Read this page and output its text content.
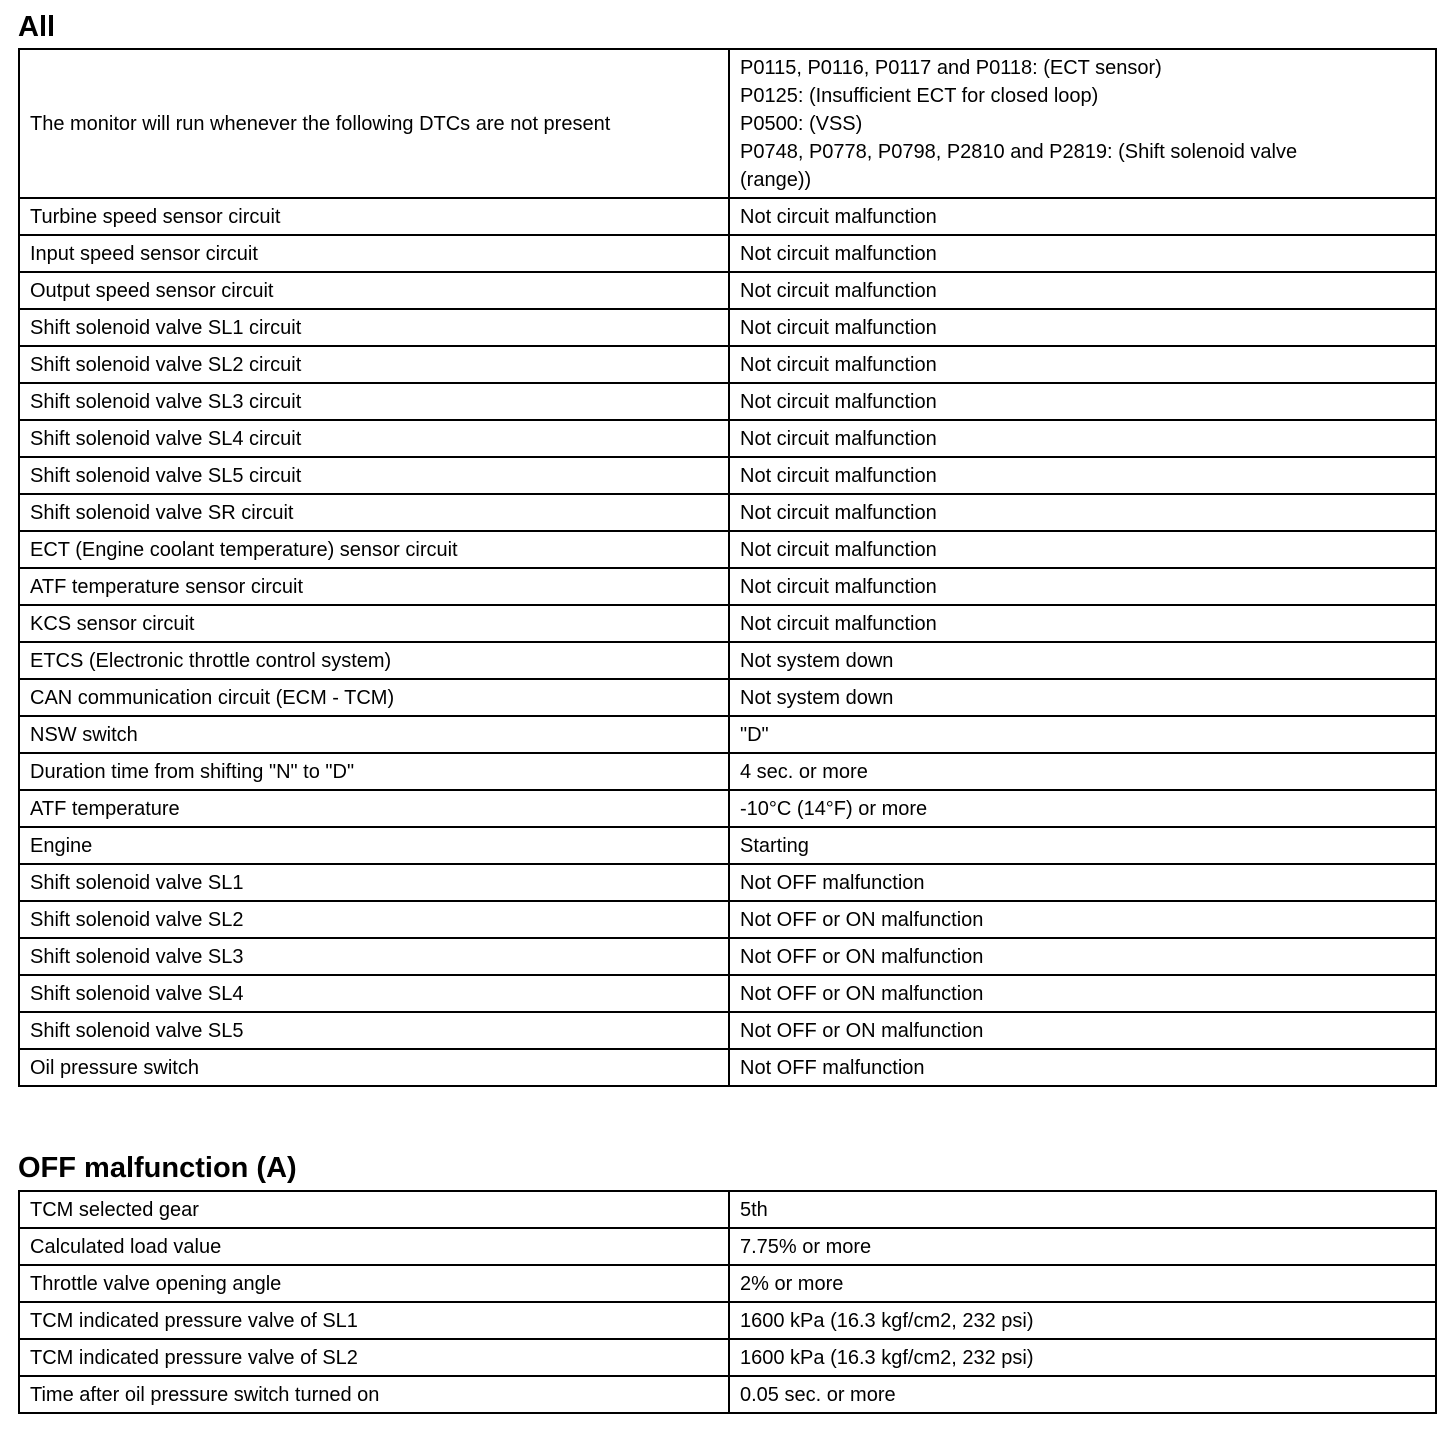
All
The monitor will run whenever the following DTCs are not present	P0115, P0116, P0117 and P0118: (ECT sensor)
P0125: (Insufficient ECT for closed loop)
P0500: (VSS)
P0748, P0778, P0798, P2810 and P2819: (Shift solenoid valve
(range))

Turbine speed sensor circuit	Not circuit malfunction
Input speed sensor circuit	Not circuit malfunction
Output speed sensor circuit	Not circuit malfunction
Shift solenoid valve SL1 circuit	Not circuit malfunction
Shift solenoid valve SL2 circuit	Not circuit malfunction
Shift solenoid valve SL3 circuit	Not circuit malfunction
Shift solenoid valve SL4 circuit	Not circuit malfunction
Shift solenoid valve SL5 circuit	Not circuit malfunction
Shift solenoid valve SR circuit	Not circuit malfunction
ECT (Engine coolant temperature) sensor circuit	Not circuit malfunction
ATF temperature sensor circuit	Not circuit malfunction
KCS sensor circuit	Not circuit malfunction
ETCS (Electronic throttle control system)	Not system down
CAN communication circuit (ECM - TCM)	Not system down
NSW switch	"D"
Duration time from shifting "N" to "D"	4 sec. or more
ATF temperature	-10°C (14°F) or more
Engine	Starting
Shift solenoid valve SL1	Not OFF malfunction
Shift solenoid valve SL2	Not OFF or ON malfunction
Shift solenoid valve SL3	Not OFF or ON malfunction
Shift solenoid valve SL4	Not OFF or ON malfunction
Shift solenoid valve SL5	Not OFF or ON malfunction
Oil pressure switch	Not OFF malfunction
OFF malfunction (A)
TCM selected gear	5th
Calculated load value	7.75% or more
Throttle valve opening angle	2% or more
TCM indicated pressure valve of SL1	1600 kPa (16.3 kgf/cm2, 232 psi)
TCM indicated pressure valve of SL2	1600 kPa (16.3 kgf/cm2, 232 psi)
Time after oil pressure switch turned on	0.05 sec. or more
